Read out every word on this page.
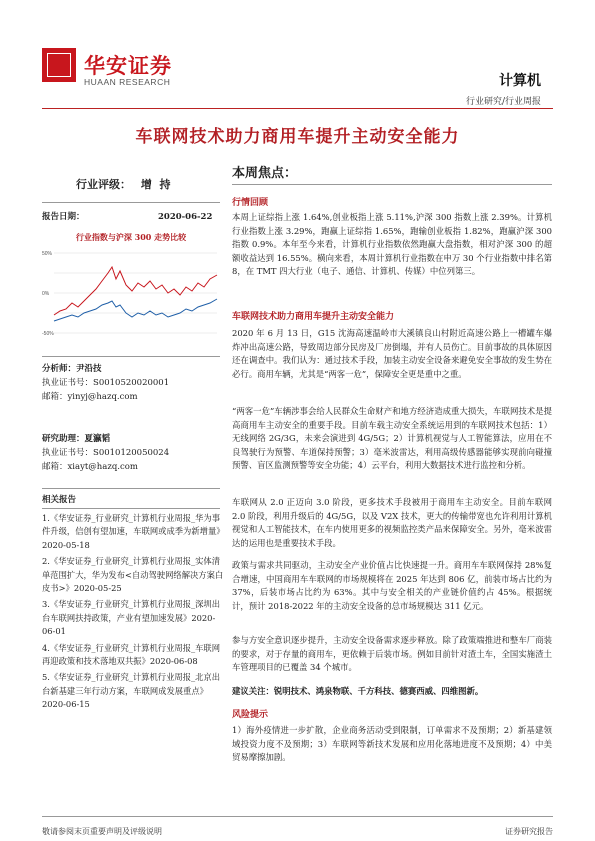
华安证券
HUAAN RESEARCH	计算机
行业研究/行业周报
车联网技术助力商用车提升主动安全能力
行业评级： 增  持
报告日期：	2020-06-22
行业指数与沪深 300 走势比较
50%
0%
-50%
分析师：尹沿技
执业证书号：S0010520020001
邮箱：yinyj@hazq.com
研究助理：夏瀛韬
执业证书号：S0010120050024
邮箱：xiayt@hazq.com
相关报告
1.《华安证券_行业研究_计算机行业周报_华为事件升级，信创有望加速，车联网或成季为新增量》2020-05-18
2.《华安证券_行业研究_计算机行业周报_实体清单范围扩大，华为发布<自动驾驶网络解决方案白皮书>》2020-05-25
3.《华安证券_行业研究_计算机行业周报_深圳出台车联网扶持政策，产业有望加速发展》2020-06-01
4.《华安证券_行业研究_计算机行业周报_车联网再迎政策和技术落地双共振》2020-06-08
5.《华安证券_行业研究_计算机行业周报_北京出台新基建三年行动方案，车联网成发展重点》2020-06-15
本周焦点：
行情回顾
本周上证综指上涨 1.64%,创业板指上涨 5.11%,沪深 300 指数上涨 2.39%。计算机行业指数上涨 3.29%，跑赢上证综指 1.65%，跑输创业板指 1.82%，跑赢沪深 300 指数 0.9%。本年至今来看，计算机行业指数依然跑赢大盘指数，相对沪深 300 的超额收益达到 16.55%。横向来看，本周计算机行业指数在申万 30 个行业指数中排名第 8，在 TMT 四大行业（电子、通信、计算机、传媒）中位列第三。
车联网技术助力商用车提升主动安全能力
2020 年 6 月 13 日，G15 沈海高速温岭市大溪镇良山村附近高速公路上一槽罐车爆炸冲出高速公路，导致周边部分民房及厂房倒塌，并有人员伤亡。目前事故的具体原因还在调查中。我们认为：通过技术手段，加装主动安全设备来避免安全事故的发生势在必行。商用车辆，尤其是“两客一危”，保障安全更是重中之重。
“两客一危”车辆涉事会给人民群众生命财产和地方经济造成重大损失，车联网技术是提高商用车主动安全的重要手段。目前车载主动安全系统运用到的车联网技术包括：1）无线网络 2G/3G，未来会演进到 4G/5G；2）计算机视觉与人工智能算法，应用在不良驾驶行为预警、车道保持预警；3）毫米波雷达，利用高级传感器能够实现前向碰撞预警、盲区监测预警等安全功能；4）云平台，利用大数据技术进行监控和分析。
车联网从 2.0 正迈向 3.0 阶段，更多技术手段被用于商用车主动安全。目前车联网 2.0 阶段，利用升级后的 4G/5G，以及 V2X 技术，更大的传输带宽也允许利用计算机视觉和人工智能技术，在车内使用更多的视频监控类产品来保障安全。另外，毫米波雷达的运用也是重要技术手段。
政策与需求共同驱动，主动安全产业价值占比快速提一升。商用车车联网保持 28%复合增速，中国商用车车联网的市场规模将在 2025 年达到 806 亿，前装市场占比约为 37%，后装市场占比约为 63%。其中与安全相关的产业链价值约占 45%。根据统计，预计 2018-2022 年的主动安全设备的总市场规模达 311 亿元。
参与方安全意识逐步提升，主动安全设备需求逐步释放。除了政策端推进和整车厂商装的要求，对于存量的商用车，更依赖于后装市场。例如目前针对渣土车，全国实施渣土车管理项目的已覆盖 34 个城市。
建议关注：锐明技术、鸿泉物联、千方科技、德赛西威、四维图新。
风险提示
1）海外疫情进一步扩散，企业商务活动受到限制，订单需求不及预期；2）新基建领域投资力度不及预期；3）车联网等新技术发展和应用化落地进度不及预期；4）中美贸易摩擦加剧。
敬请参阅末页重要声明及评级说明	证券研究报告
